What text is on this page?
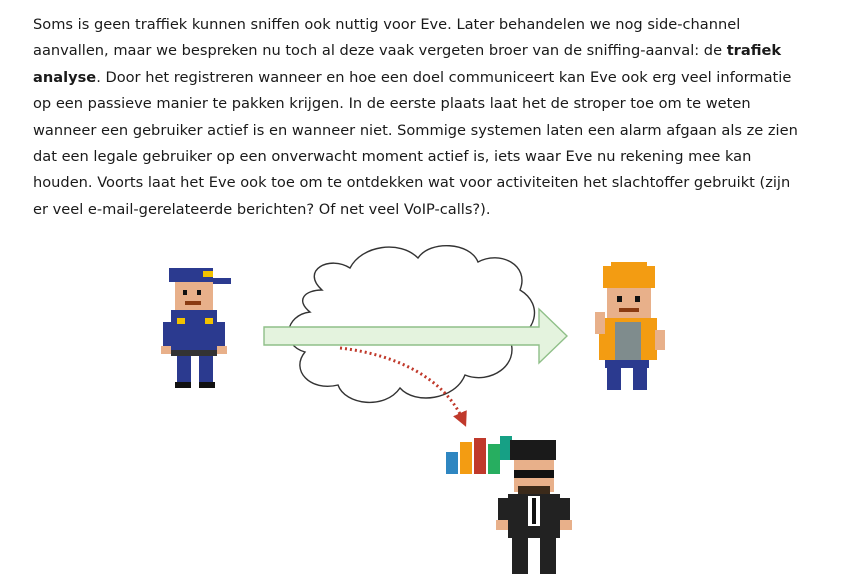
Soms is geen traffiek kunnen sniffen ook nuttig voor Eve. Later behandelen we nog side-channel aanvallen, maar we bespreken nu toch al deze vaak vergeten broer van de sniffing-aanval: de trafiek analyse. Door het registreren wanneer en hoe een doel communiceert kan Eve ook erg veel informatie op een passieve manier te pakken krijgen. In de eerste plaats laat het de stroper toe om te weten wanneer een gebruiker actief is en wanneer niet. Sommige systemen laten een alarm afgaan als ze zien dat een legale gebruiker op een onverwacht moment actief is, iets waar Eve nu rekening mee kan houden. Voorts laat het Eve ook toe om te ontdekken wat voor activiteiten het slachtoffer gebruikt (zijn er veel e-mail-gerelateerde berichten? Of net veel VoIP-calls?).
